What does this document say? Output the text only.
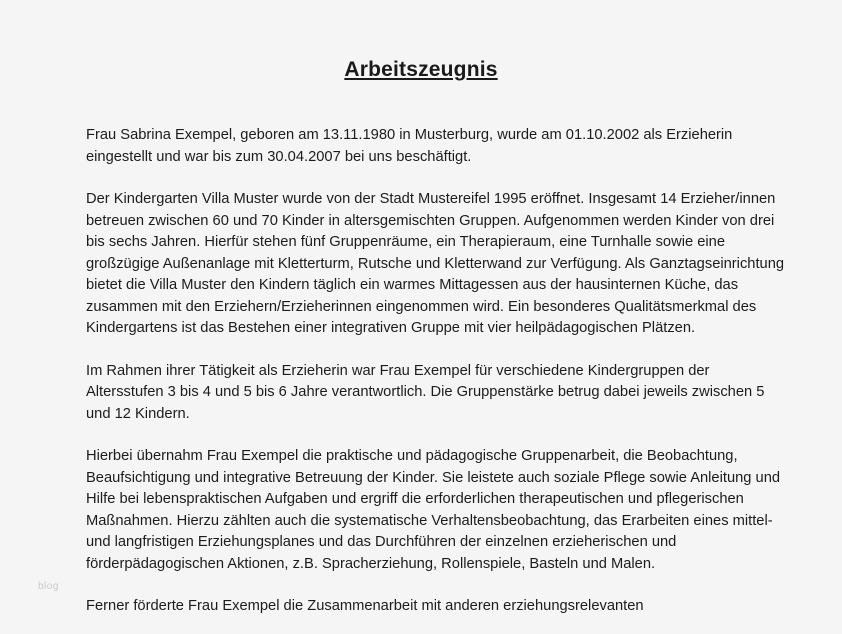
Arbeitszeugnis

Frau Sabrina Exempel, geboren am 13.11.1980 in Musterburg, wurde am 01.10.2002 als Erzieherin eingestellt und war bis zum 30.04.2007 bei uns beschäftigt.

Der Kindergarten Villa Muster wurde von der Stadt Mustereifel 1995 eröffnet. Insgesamt 14 Erzieher/innen betreuen zwischen 60 und 70 Kinder in altersgemischten Gruppen. Aufgenommen werden Kinder von drei bis sechs Jahren. Hierfür stehen fünf Gruppenräume, ein Therapieraum, eine Turnhalle sowie eine großzügige Außenanlage mit Kletterturm, Rutsche und Kletterwand zur Verfügung. Als Ganztagseinrichtung bietet die Villa Muster den Kindern täglich ein warmes Mittagessen aus der hausinternen Küche, das zusammen mit den Erziehern/Erzieherinnen eingenommen wird. Ein besonderes Qualitätsmerkmal des Kindergartens ist das Bestehen einer integrativen Gruppe mit vier heilpädagogischen Plätzen.

Im Rahmen ihrer Tätigkeit als Erzieherin war Frau Exempel für verschiedene Kindergruppen der Altersstufen 3 bis 4 und 5 bis 6 Jahre verantwortlich. Die Gruppenstärke betrug dabei jeweils zwischen 5 und 12 Kindern.

Hierbei übernahm Frau Exempel die praktische und pädagogische Gruppenarbeit, die Beobachtung, Beaufsichtigung und integrative Betreuung der Kinder. Sie leistete auch soziale Pflege sowie Anleitung und Hilfe bei lebenspraktischen Aufgaben und ergriff die erforderlichen therapeutischen und pflegerischen Maßnahmen. Hierzu zählten auch die systematische Verhaltensbeobachtung, das Erarbeiten eines mittel- und langfristigen Erziehungsplanes und das Durchführen der einzelnen erzieherischen und förderpädagogischen Aktionen, z.B. Spracherziehung, Rollenspiele, Basteln und Malen.

Ferner förderte Frau Exempel die Zusammenarbeit mit anderen erziehungsrelevanten

blog
